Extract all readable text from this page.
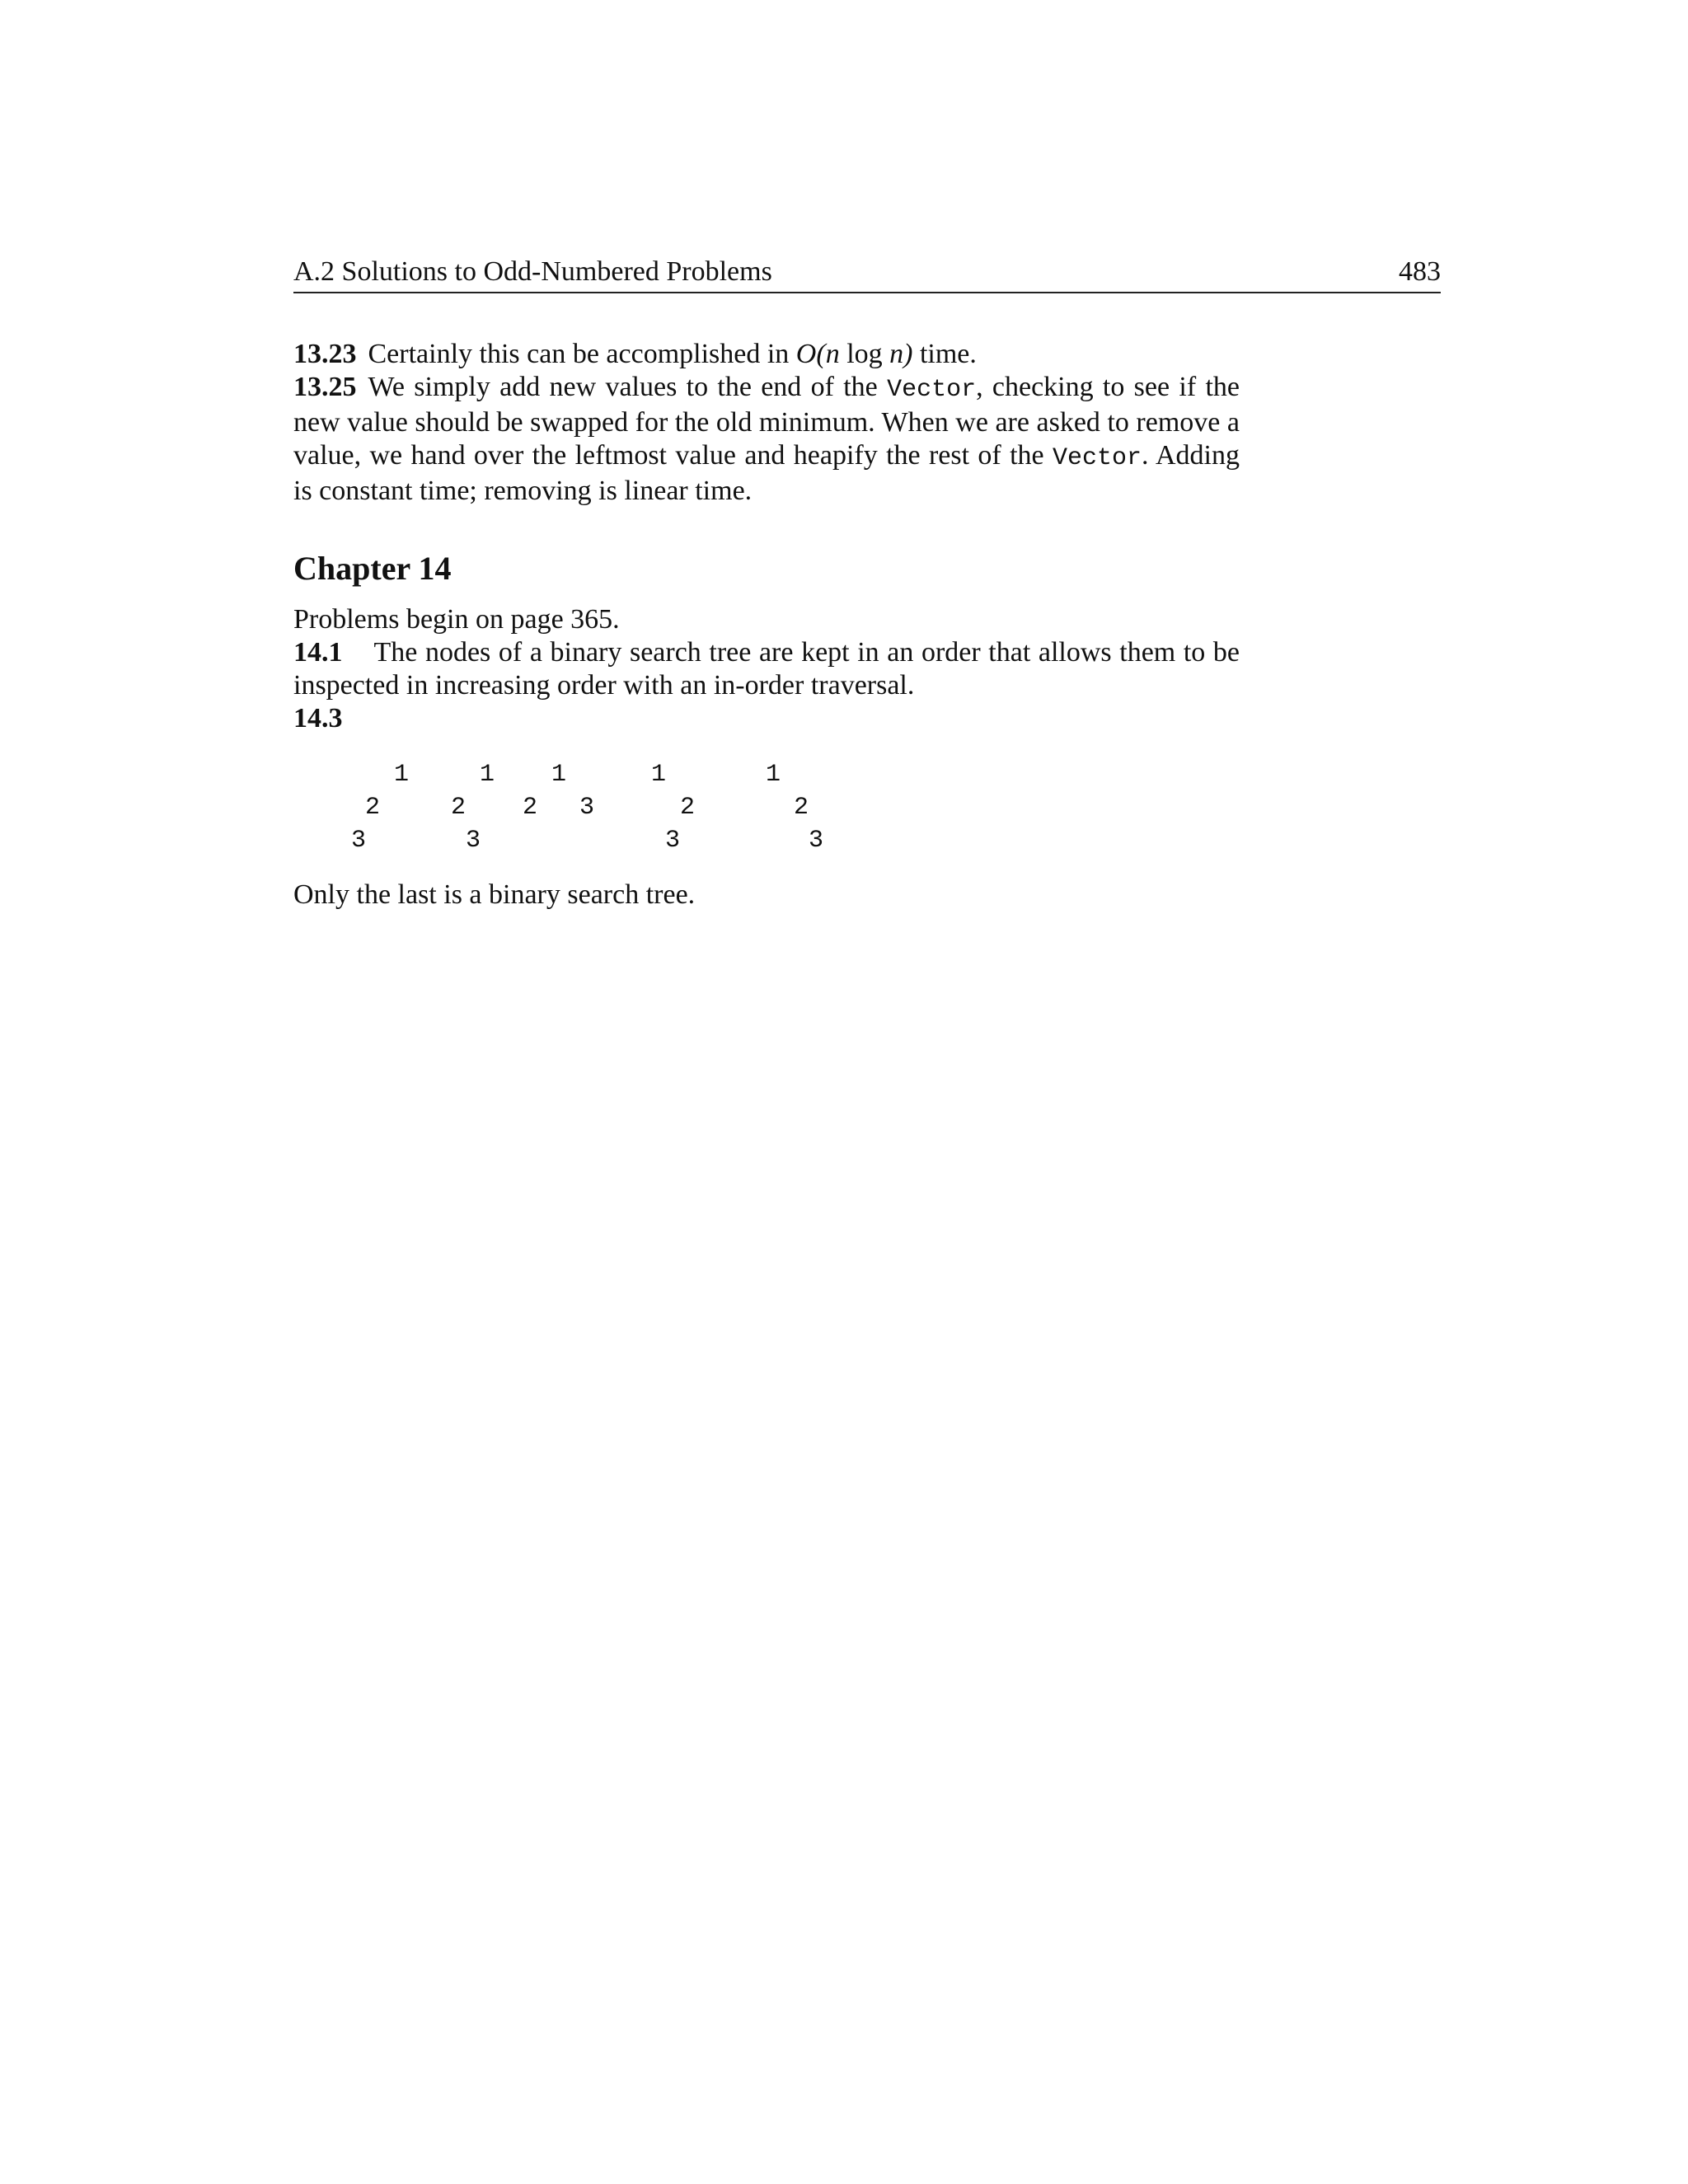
A.2 Solutions to Odd-Numbered Problems	483

13.23 Certainly this can be accomplished in O(n log n) time.

13.25 We simply add new values to the end of the Vector, checking to see if the new value should be swapped for the old minimum. When we are asked to remove a value, we hand over the leftmost value and heapify the rest of the Vector. Adding is constant time; removing is linear time.

Chapter 14

Problems begin on page 365.

14.1 The nodes of a binary search tree are kept in an order that allows them to be inspected in increasing order with an in-order traversal.

14.3

1
2
3
1
2
3
1
2 3
1
2
3
1
2
3

Only the last is a binary search tree.
